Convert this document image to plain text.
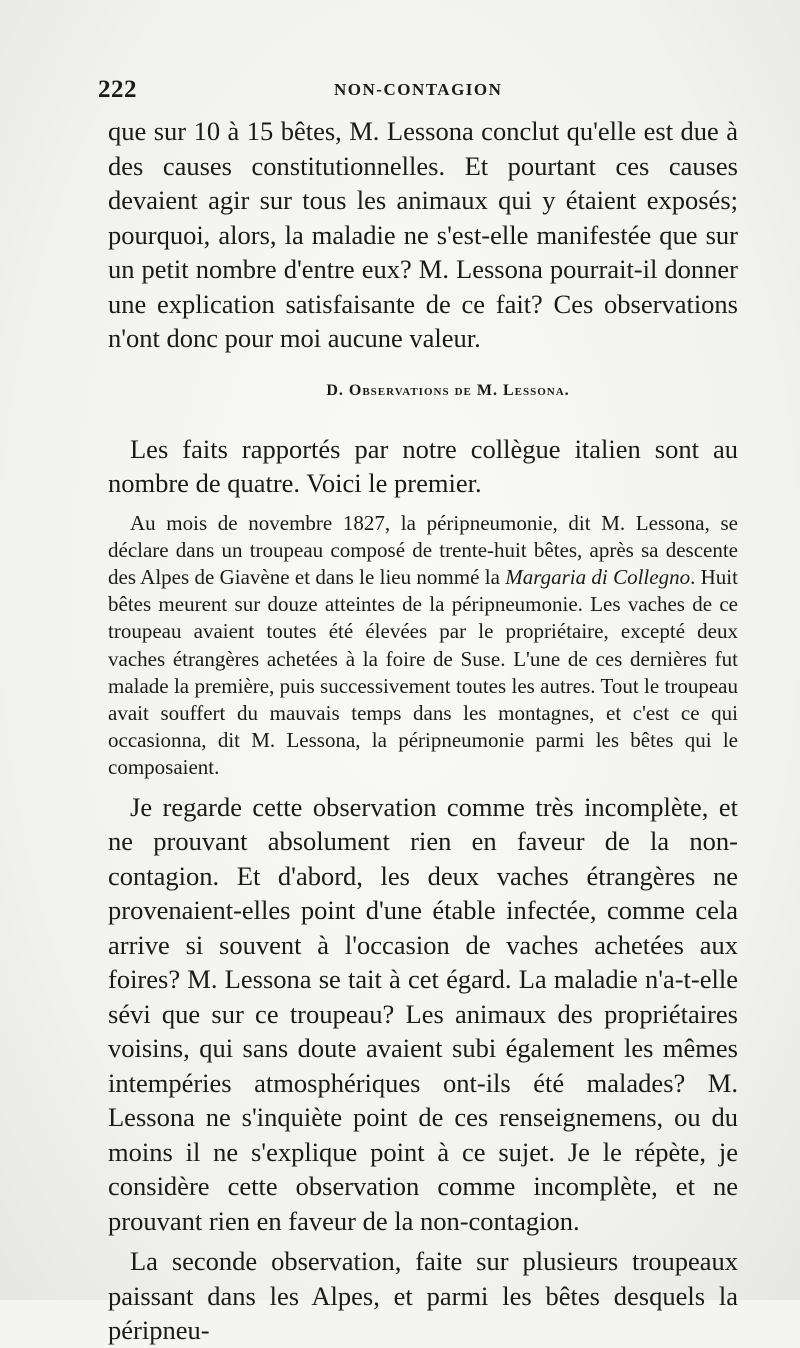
222	NON-CONTAGION

que sur 10 à 15 bêtes, M. Lessona conclut qu'elle est due à des causes constitutionnelles. Et pourtant ces causes devaient agir sur tous les animaux qui y étaient exposés; pourquoi, alors, la maladie ne s'est-elle manifestée que sur un petit nombre d'entre eux? M. Lessona pourrait-il donner une explication satisfaisante de ce fait? Ces observations n'ont donc pour moi aucune valeur.

D. Observations de M. Lessona.

Les faits rapportés par notre collègue italien sont au nombre de quatre. Voici le premier.

Au mois de novembre 1827, la péripneumonie, dit M. Lessona, se déclare dans un troupeau composé de trente-huit bêtes, après sa descente des Alpes de Giavène et dans le lieu nommé la Margaria di Collegno. Huit bêtes meurent sur douze atteintes de la péripneumonie. Les vaches de ce troupeau avaient toutes été élevées par le propriétaire, excepté deux vaches étrangères achetées à la foire de Suse. L'une de ces dernières fut malade la première, puis successivement toutes les autres. Tout le troupeau avait souffert du mauvais temps dans les montagnes, et c'est ce qui occasionna, dit M. Lessona, la péripneumonie parmi les bêtes qui le composaient.

Je regarde cette observation comme très incomplète, et ne prouvant absolument rien en faveur de la non-contagion. Et d'abord, les deux vaches étrangères ne provenaient-elles point d'une étable infectée, comme cela arrive si souvent à l'occasion de vaches achetées aux foires? M. Lessona se tait à cet égard. La maladie n'a-t-elle sévi que sur ce troupeau? Les animaux des propriétaires voisins, qui sans doute avaient subi également les mêmes intempéries atmosphériques ont-ils été malades? M. Lessona ne s'inquiète point de ces renseignemens, ou du moins il ne s'explique point à ce sujet. Je le répète, je considère cette observation comme incomplète, et ne prouvant rien en faveur de la non-contagion.

La seconde observation, faite sur plusieurs troupeaux paissant dans les Alpes, et parmi les bêtes desquels la péripneu-
